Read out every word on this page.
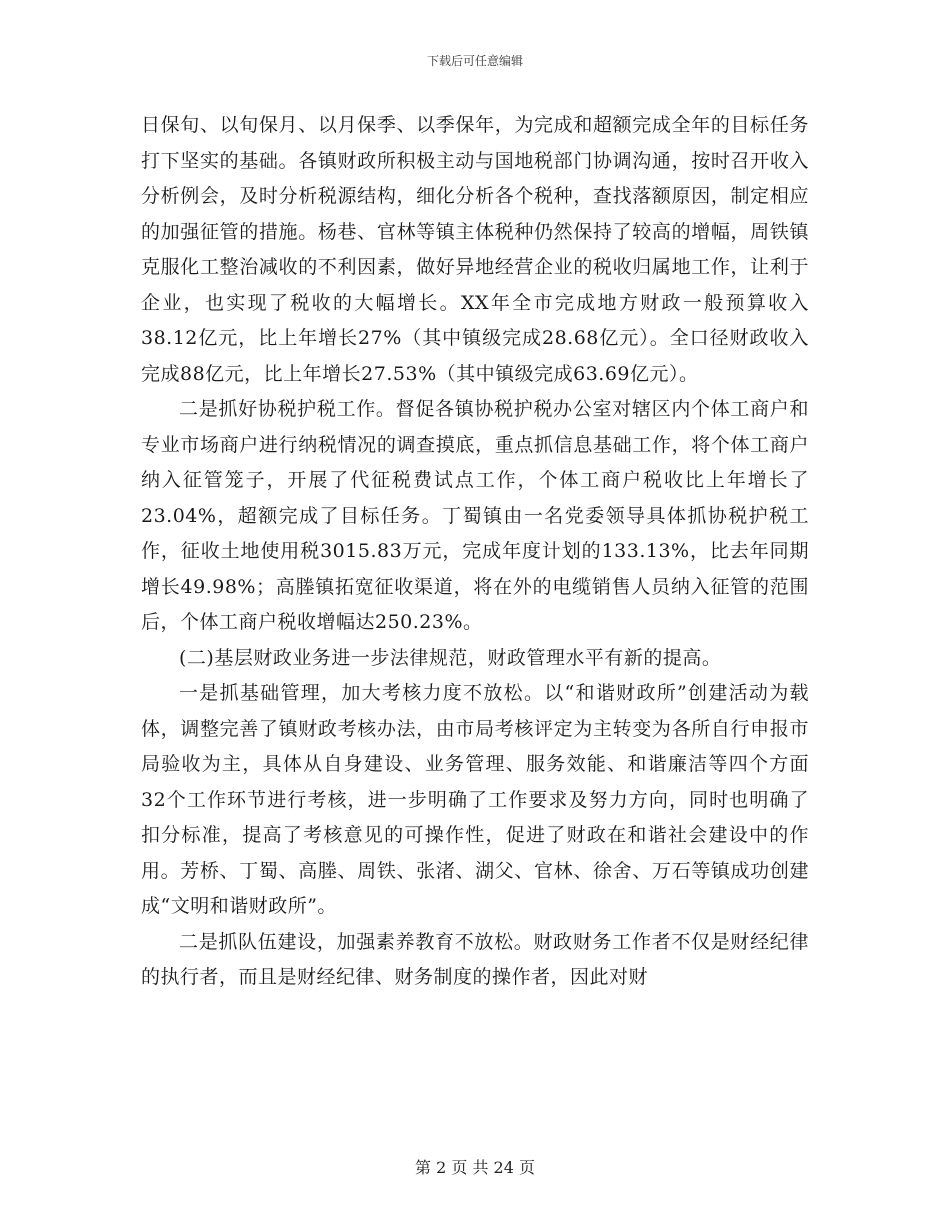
下载后可任意编辑

日保旬、以旬保月、以月保季、以季保年，为完成和超额完成全年的目标任务打下坚实的基础。各镇财政所积极主动与国地税部门协调沟通，按时召开收入分析例会，及时分析税源结构，细化分析各个税种，查找落额原因，制定相应的加强征管的措施。杨巷、官林等镇主体税种仍然保持了较高的增幅，周铁镇克服化工整治减收的不利因素，做好异地经营企业的税收归属地工作，让利于企业，也实现了税收的大幅增长。XX年全市完成地方财政一般预算收入38.12亿元，比上年增长27%（其中镇级完成28.68亿元）。全口径财政收入完成88亿元，比上年增长27.53%（其中镇级完成63.69亿元）。

二是抓好协税护税工作。督促各镇协税护税办公室对辖区内个体工商户和专业市场商户进行纳税情况的调查摸底，重点抓信息基础工作，将个体工商户纳入征管笼子，开展了代征税费试点工作，个体工商户税收比上年增长了23.04%，超额完成了目标任务。丁蜀镇由一名党委领导具体抓协税护税工作，征收土地使用税3015.83万元，完成年度计划的133.13%，比去年同期增长49.98%；高塍镇拓宽征收渠道，将在外的电缆销售人员纳入征管的范围后，个体工商户税收增幅达250.23%。

(二)基层财政业务进一步法律规范，财政管理水平有新的提高。

一是抓基础管理，加大考核力度不放松。以“和谐财政所”创建活动为载体，调整完善了镇财政考核办法，由市局考核评定为主转变为各所自行申报市局验收为主，具体从自身建设、业务管理、服务效能、和谐廉洁等四个方面32个工作环节进行考核，进一步明确了工作要求及努力方向，同时也明确了扣分标准，提高了考核意见的可操作性，促进了财政在和谐社会建设中的作用。芳桥、丁蜀、高塍、周铁、张渚、湖父、官林、徐舍、万石等镇成功创建成“文明和谐财政所”。

二是抓队伍建设，加强素养教育不放松。财政财务工作者不仅是财经纪律的执行者，而且是财经纪律、财务制度的操作者，因此对财

第 2 页 共 24 页
